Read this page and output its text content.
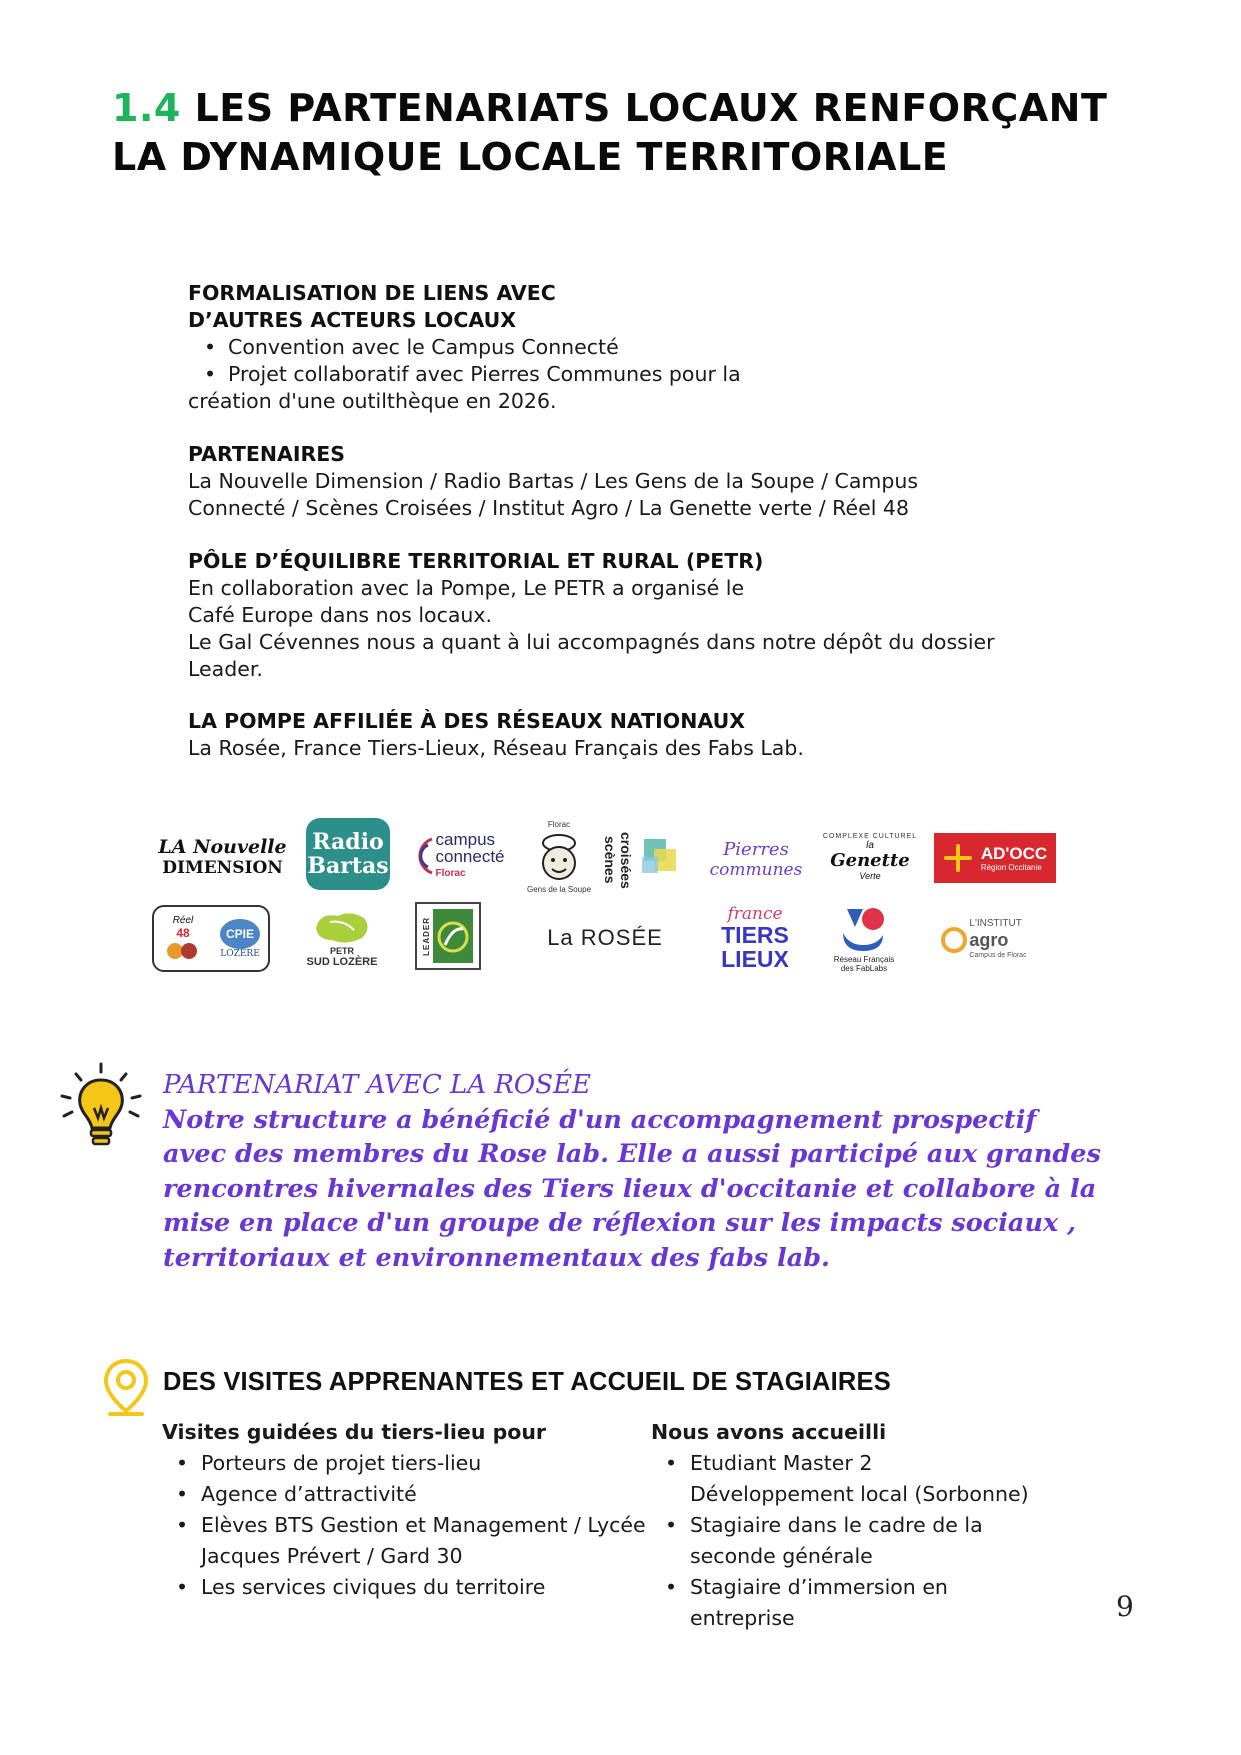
1.4 LES PARTENARIATS LOCAUX RENFORÇANT LA DYNAMIQUE LOCALE TERRITORIALE
FORMALISATION DE LIENS AVEC
D’AUTRES ACTEURS LOCAUX
• Convention avec le Campus Connecté
• Projet collaboratif avec Pierres Communes pour la
création d'une outilthèque en 2026.
PARTENAIRES
La Nouvelle Dimension / Radio Bartas / Les Gens de la Soupe / Campus Connecté / Scènes Croisées / Institut Agro / La Genette verte / Réel 48
PÔLE D’ÉQUILIBRE TERRITORIAL ET RURAL (PETR)
En collaboration avec la Pompe, Le PETR a organisé le
Café Europe dans nos locaux.
Le Gal Cévennes nous a quant à lui accompagnés dans notre dépôt du dossier Leader.
LA POMPE AFFILIÉE À DES RÉSEAUX NATIONAUX
La Rosée, France Tiers-Lieux, Réseau Français des Fabs Lab.
LA Nouvelle
DIMENSION
Radio
Bartas
campus
connecté
Florac
Florac
Gens de la Soupe
scènes croisées	Pierres
communes
COMPLEXE CULTUREL
la
Genette
Verte
AD'OCC
Région Occitanie
Réel
48	CPIE
LOZÈRE	PETR
SUD LOZÈRE
LEADER	La ROSÉE
france
TIERS
LIEUX	Réseau Français
des FabLabs
L'INSTITUT
agro
Campus de Florac
PARTENARIAT AVEC LA ROSÉE
Notre structure a bénéficié d'un accompagnement prospectif avec des membres du Rose lab. Elle a aussi participé aux grandes rencontres hivernales des Tiers lieux d'occitanie et collabore à la mise en place d'un groupe de réflexion sur les impacts sociaux , territoriaux et environnementaux des fabs lab.
DES VISITES APPRENANTES ET ACCUEIL DE STAGIAIRES
Visites guidées du tiers-lieu pour
• Porteurs de projet tiers-lieu
• Agence d’attractivité
• Elèves BTS Gestion et Management / Lycée Jacques Prévert / Gard 30
• Les services civiques du territoire
Nous avons accueilli
• Etudiant Master 2 Développement local (Sorbonne)
• Stagiaire dans le cadre de la seconde générale
• Stagiaire d’immersion en entreprise	9
